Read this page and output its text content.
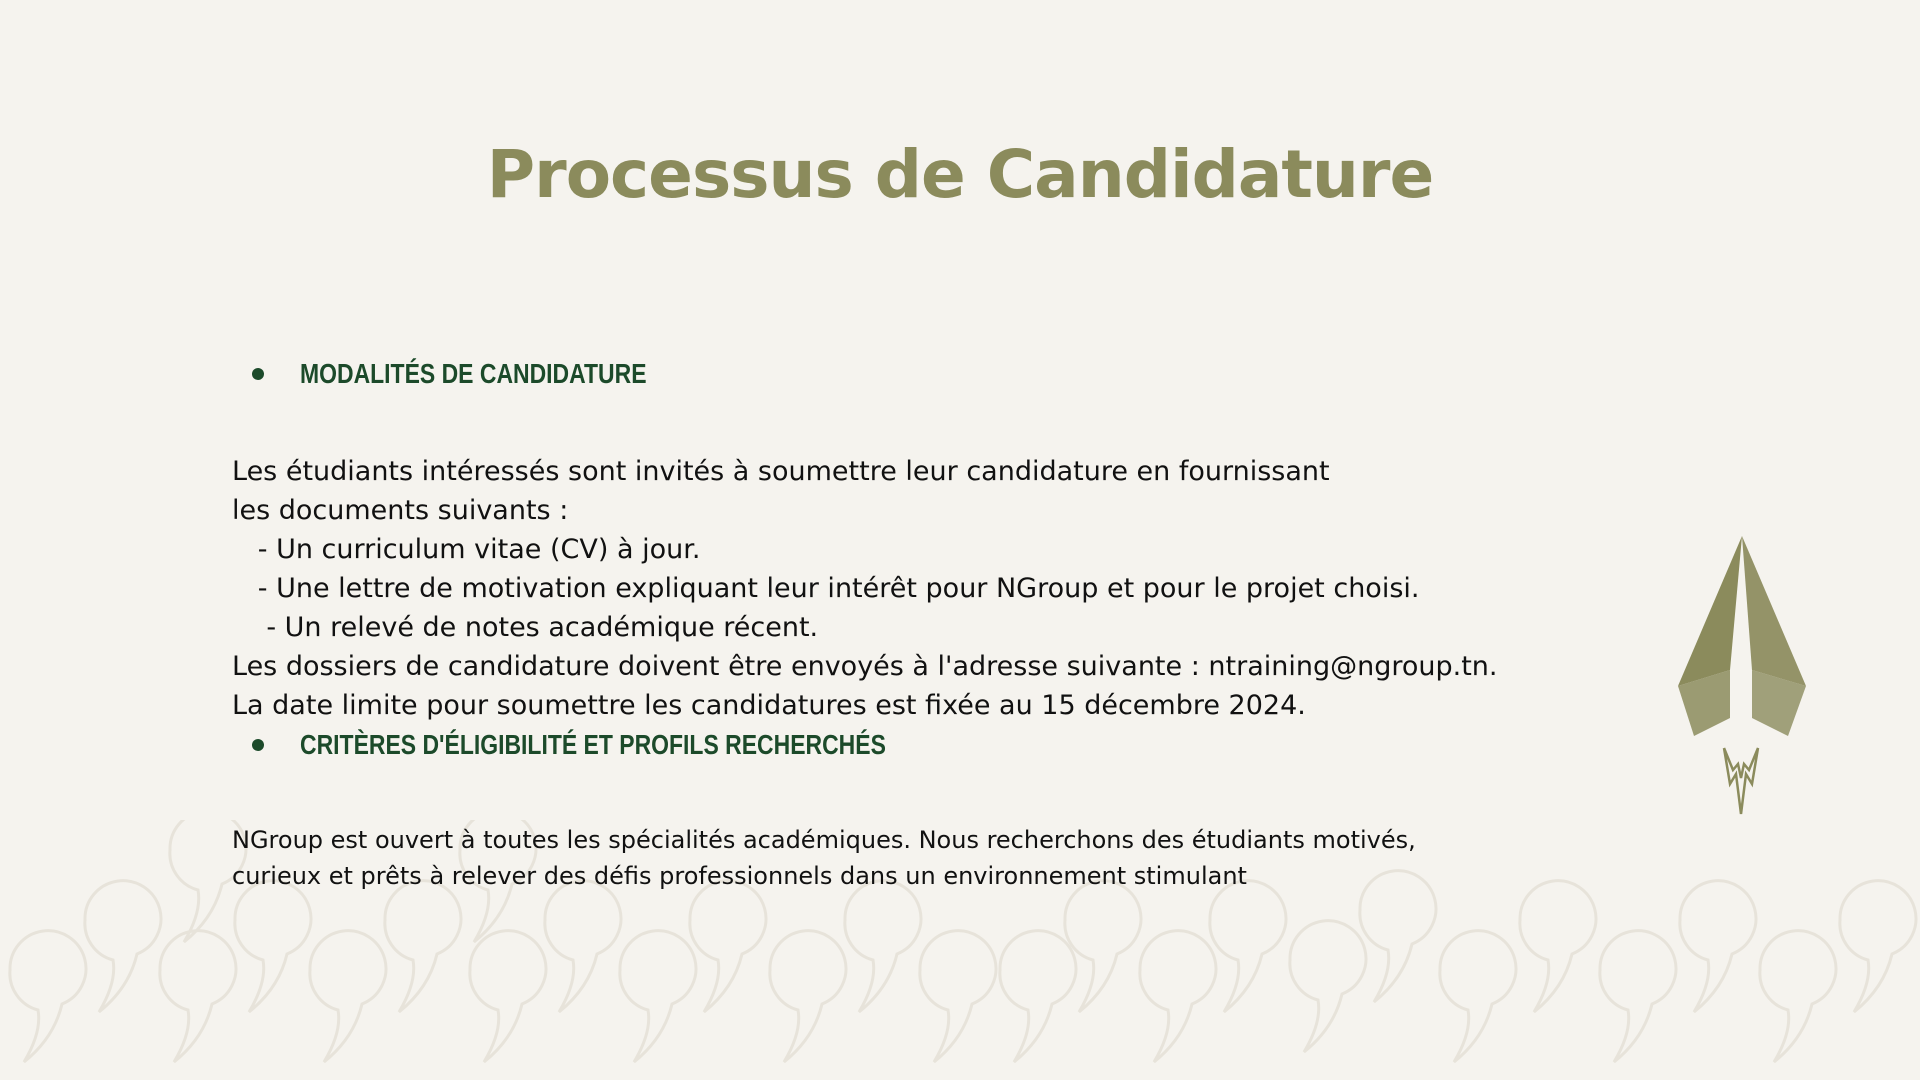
Processus de Candidature
MODALITÉS DE CANDIDATURE

Les étudiants intéressés sont invités à soumettre leur candidature en fournissant
les documents suivants :
- Un curriculum vitae (CV) à jour.
- Une lettre de motivation expliquant leur intérêt pour NGroup et pour le projet choisi.
- Un relevé de notes académique récent.
Les dossiers de candidature doivent être envoyés à l'adresse suivante : ntraining@ngroup.tn.
La date limite pour soumettre les candidatures est fixée au 15 décembre 2024.

CRITÈRES D'ÉLIGIBILITÉ ET PROFILS RECHERCHÉS

NGroup est ouvert à toutes les spécialités académiques. Nous recherchons des étudiants motivés,
curieux et prêts à relever des défis professionnels dans un environnement stimulant
